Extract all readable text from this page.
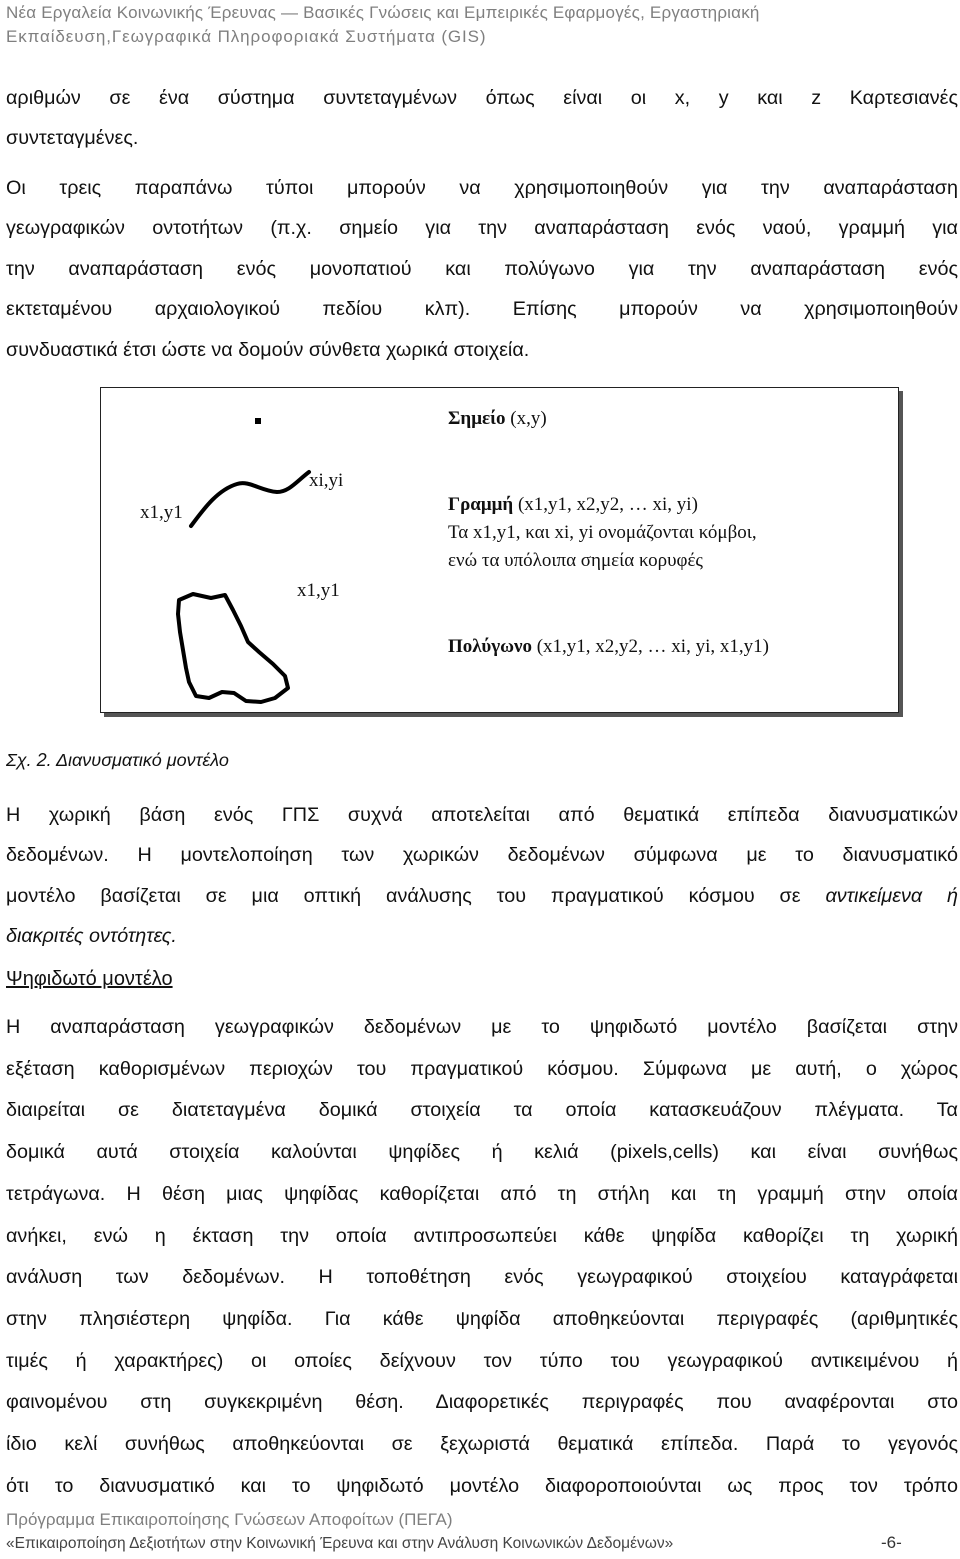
Νέα Εργαλεία Κοινωνικής Έρευνας — Βασικές Γνώσεις και Εμπειρικές Εφαρμογές, Εργαστηριακή
Εκπαίδευση,Γεωγραφικά Πληροφοριακά Συστήματα (GIS)
αριθμών σε ένα σύστημα συντεταγμένων όπως είναι οι x, y και z Καρτεσιανές
συντεταγμένες.
Οι τρεις παραπάνω τύποι μπορούν να χρησιμοποιηθούν για την αναπαράσταση
γεωγραφικών οντοτήτων (π.χ. σημείο για την αναπαράσταση ενός ναού, γραμμή για
την αναπαράσταση ενός μονοπατιού και πολύγωνο για την αναπαράσταση ενός
εκτεταμένου αρχαιολογικού πεδίου κλπ). Επίσης μπορούν να χρησιμοποιηθούν
συνδυαστικά έτσι ώστε να δομούν σύνθετα χωρικά στοιχεία.
Σημείο (x,y)
x1,y1
xi,yi
x1,y1
Γραμμή (x1,y1, x2,y2, … xi, yi)
Τα x1,y1, και xi, yi ονομάζονται κόμβοι,
ενώ τα υπόλοιπα σημεία κορυφές
Πολύγωνο (x1,y1, x2,y2, … xi, yi, x1,y1)
Σχ. 2. Διανυσματικό μοντέλο
Η χωρική βάση ενός ΓΠΣ συχνά αποτελείται από θεματικά επίπεδα διανυσματικών
δεδομένων. Η μοντελοποίηση των χωρικών δεδομένων σύμφωνα με το διανυσματικό
μοντέλο βασίζεται σε μια οπτική ανάλυσης του πραγματικού κόσμου σε αντικείμενα ή
διακριτές οντότητες.
Ψηφιδωτό μοντέλο
Η αναπαράσταση γεωγραφικών δεδομένων με το ψηφιδωτό μοντέλο βασίζεται στην
εξέταση καθορισμένων περιοχών του πραγματικού κόσμου. Σύμφωνα με αυτή, ο χώρος
διαιρείται σε διατεταγμένα δομικά στοιχεία τα οποία κατασκευάζουν πλέγματα. Τα
δομικά αυτά στοιχεία καλούνται ψηφίδες ή κελιά (pixels,cells) και είναι συνήθως
τετράγωνα. Η θέση μιας ψηφίδας καθορίζεται από τη στήλη και τη γραμμή στην οποία
ανήκει, ενώ η έκταση την οποία αντιπροσωπεύει κάθε ψηφίδα καθορίζει τη χωρική
ανάλυση των δεδομένων. Η τοποθέτηση ενός γεωγραφικού στοιχείου καταγράφεται
στην πλησιέστερη ψηφίδα. Για κάθε ψηφίδα αποθηκεύονται περιγραφές (αριθμητικές
τιμές ή χαρακτήρες) οι οποίες δείχνουν τον τύπο του γεωγραφικού αντικειμένου ή
φαινομένου στη συγκεκριμένη θέση. Διαφορετικές περιγραφές που αναφέρονται στο
ίδιο κελί συνήθως αποθηκεύονται σε ξεχωριστά θεματικά επίπεδα. Παρά το γεγονός
ότι το διανυσματικό και το ψηφιδωτό μοντέλο διαφοροποιούνται ως προς τον τρόπο
Πρόγραμμα Επικαιροποίησης Γνώσεων Αποφοίτων (ΠΕΓΑ)
«Επικαιροποίηση Δεξιοτήτων στην Κοινωνική Έρευνα και στην Ανάλυση Κοινωνικών Δεδομένων»	-6-
